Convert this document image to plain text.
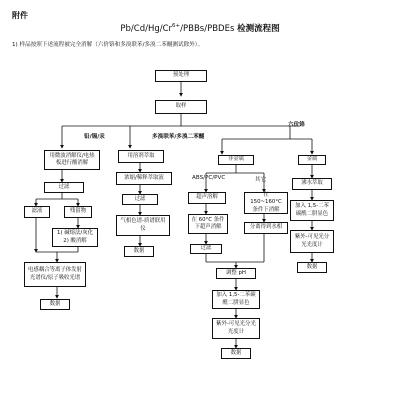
附件
$Pb/Cd/Hg/Cr^{6+}/PBBs$/PBDEs 检测流程图
1) 样品按照下述流程被完全消解（六价铬和多溴联苯/多溴二苯醚测试除外）。
预处理
取样
铅/镉/汞	多溴联苯/多溴二苯醚
六价铬
用微波消解仪/电热板进行酸消解
过滤
滤液	残留物
1) 碱熔法/灰化 2) 酸消解
电感耦合等离子体发射光谱仪/原子吸收光谱
数据
用溶剂萃取
浓缩/稀释萃取液
过滤
气相色谱-质谱联用仪
数据
非金属
ABS/PC/PVC	其它
超声溶解	在 150~160°C 条件下消解
在 60°C 条件下超声消解
过滤
分离得到水相
调整 pH
加入 1,5-二苯碳酰二肼显色
紫外-可见光分光光度计
数据
金属
沸水萃取
加入 1,5-二苯碳酰二肼显色
紫外-可见光分光光度计
数据
